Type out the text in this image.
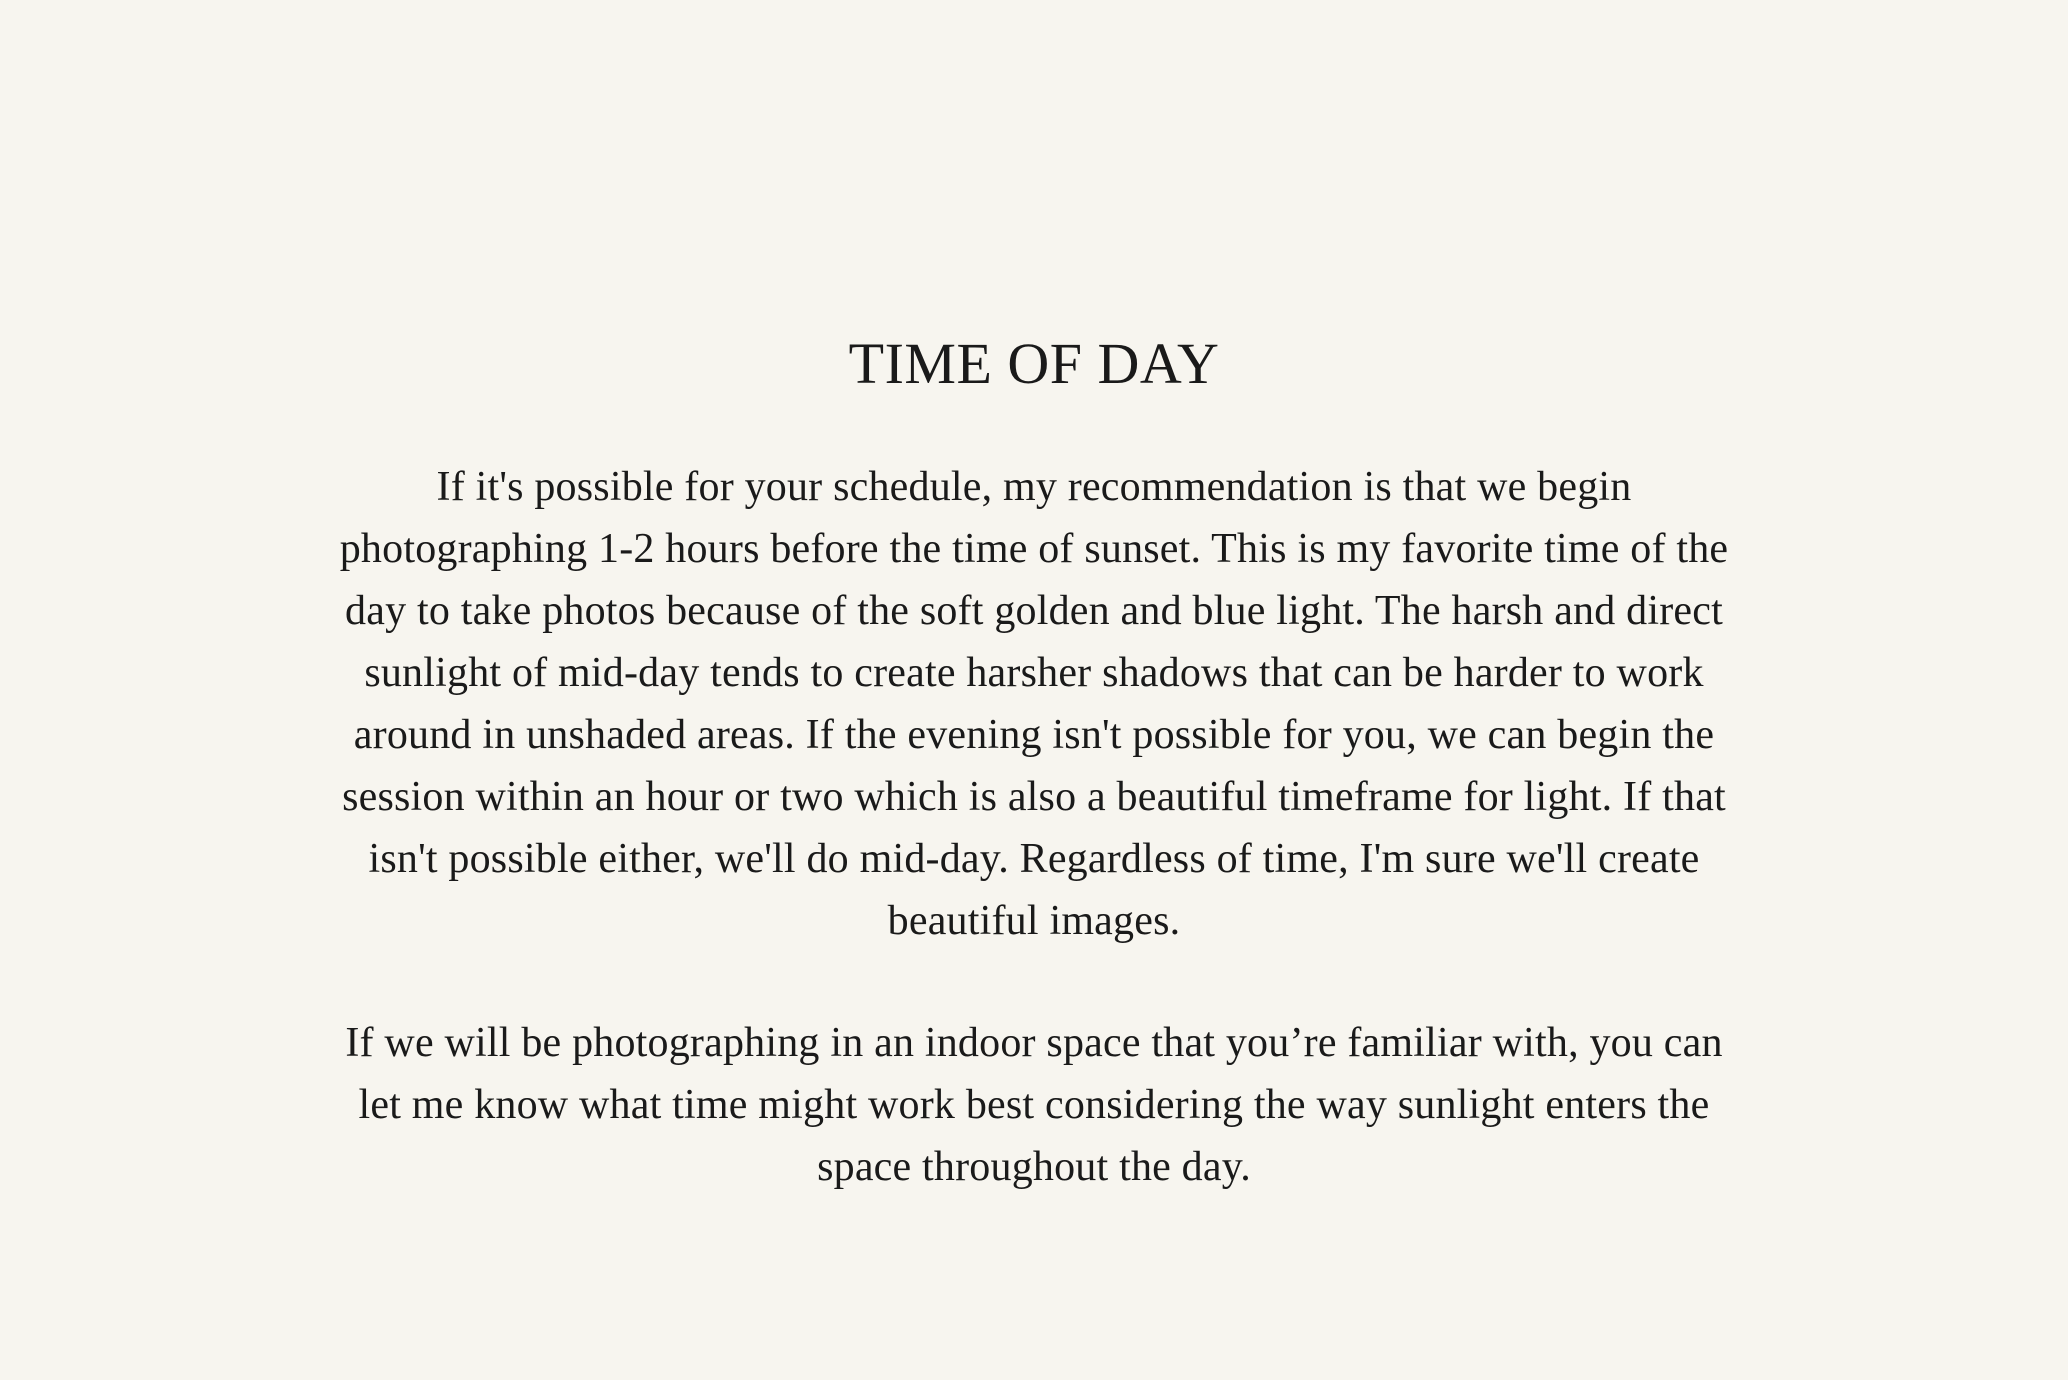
TIME OF DAY

If it's possible for your schedule, my recommendation is that we begin photographing 1-2 hours before the time of sunset. This is my favorite time of the day to take photos because of the soft golden and blue light. The harsh and direct sunlight of mid-day tends to create harsher shadows that can be harder to work around in unshaded areas. If the evening isn't possible for you, we can begin the session within an hour or two which is also a beautiful timeframe for light. If that isn't possible either, we'll do mid-day. Regardless of time, I'm sure we'll create beautiful images.

If we will be photographing in an indoor space that you’re familiar with, you can let me know what time might work best considering the way sunlight enters the space throughout the day.
